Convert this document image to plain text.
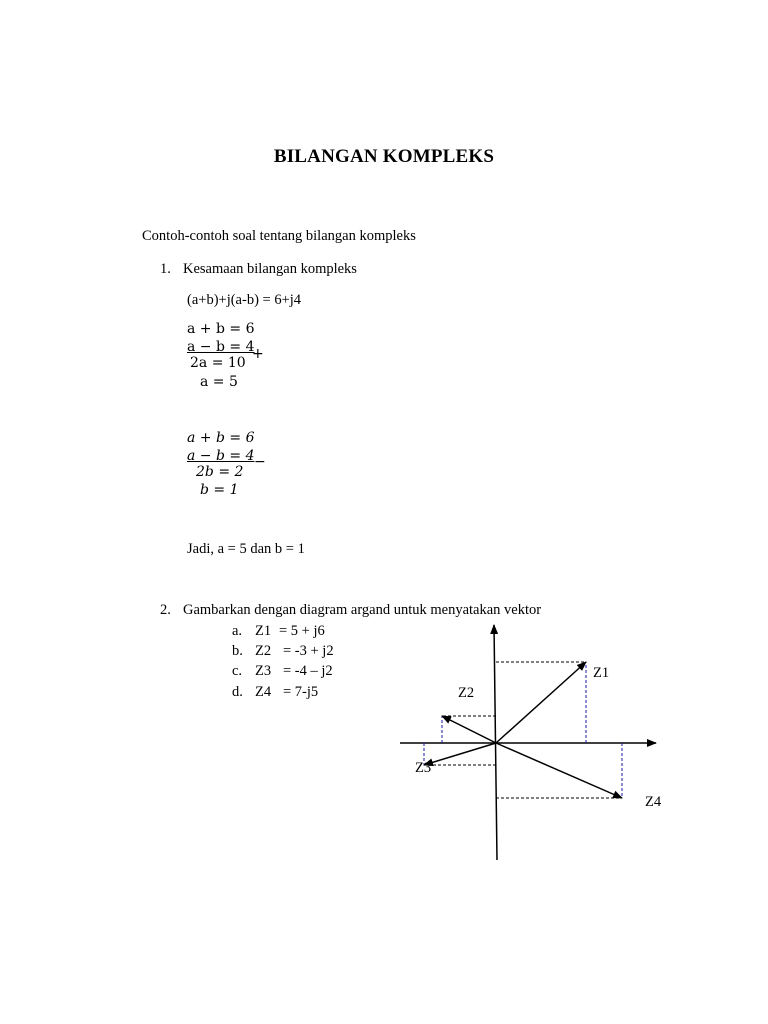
BILANGAN KOMPLEKS
Contoh-contoh soal tentang bilangan kompleks
1. Kesamaan bilangan kompleks
(a+b)+j(a-b) = 6+j4
a + b = 6
a − b = 4
+
2a = 10
a = 5
a + b = 6
a − b = 4 −
2b = 2
b = 1
Jadi, a = 5 dan b = 1
2. Gambarkan dengan diagram argand untuk menyatakan vektor
a. Z1 = 5 + j6
b. Z2 = -3 + j2
c. Z3 = -4 – j2
d. Z4 = 7-j5
Z1
Z2
Z3
Z4
